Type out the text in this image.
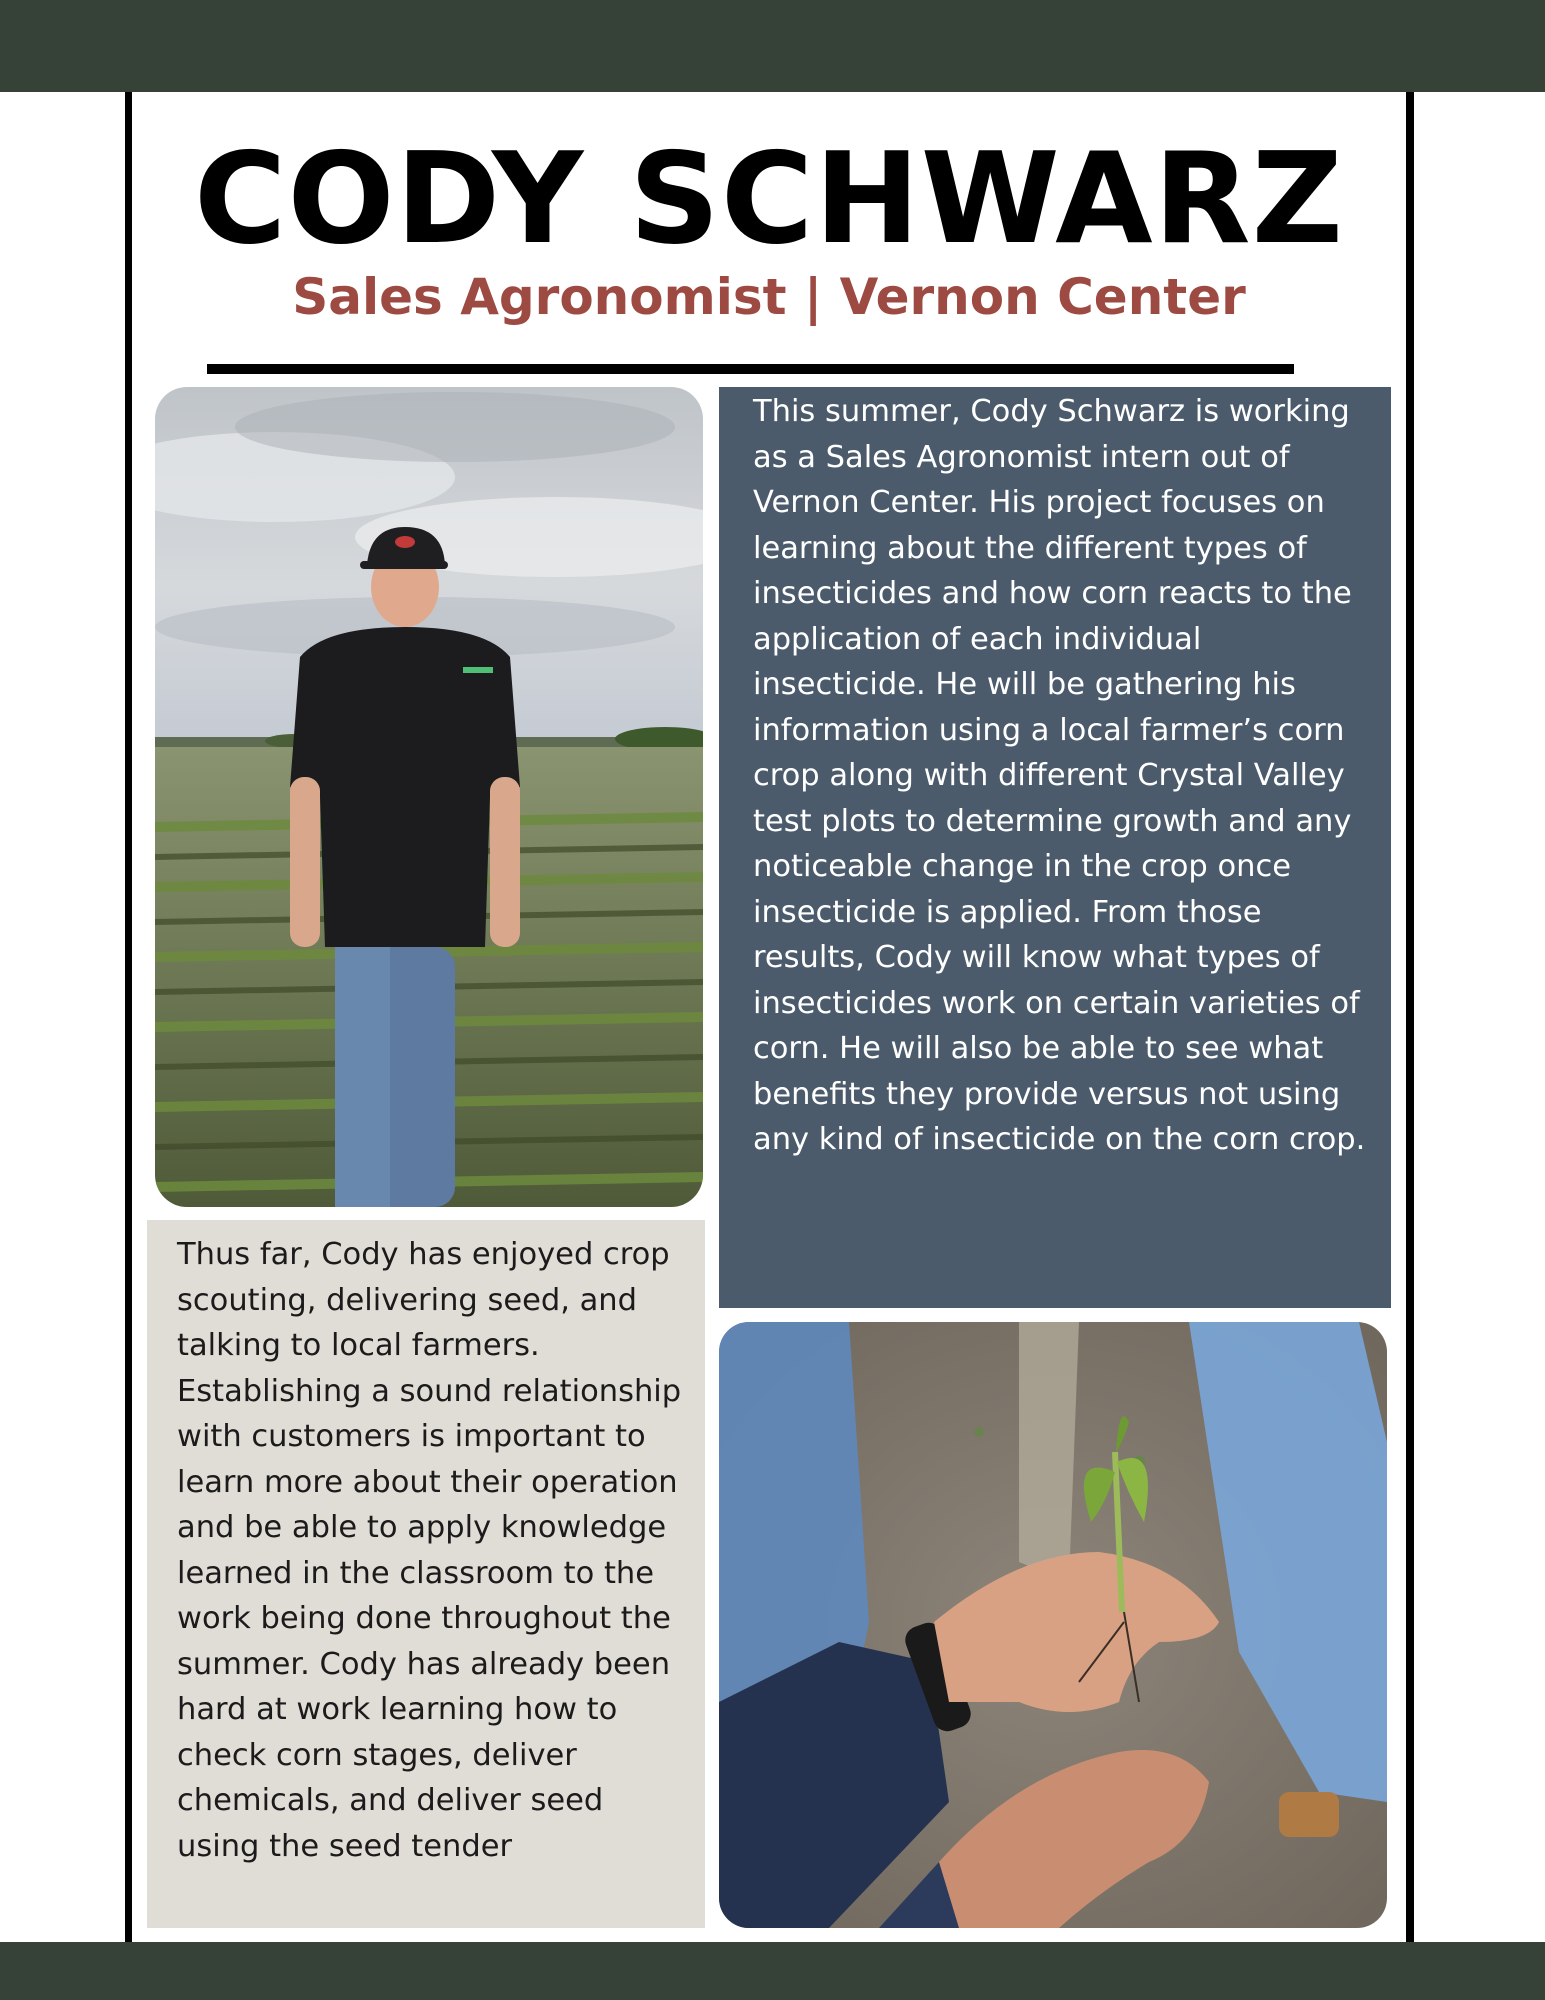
CODY SCHWARZ
Sales Agronomist | Vernon Center

This summer, Cody Schwarz is working as a Sales Agronomist intern out of Vernon Center. His project focuses on learning about the different types of insecticides and how corn reacts to the application of each individual insecticide. He will be gathering his information using a local farmer’s corn crop along with different Crystal Valley test plots to determine growth and any noticeable change in the crop once insecticide is applied. From those results, Cody will know what types of insecticides work on certain varieties of corn. He will also be able to see what benefits they provide versus not using any kind of insecticide on the corn crop.

Thus far, Cody has enjoyed crop scouting, delivering seed, and talking to local farmers. Establishing a sound relationship with customers is important to learn more about their operation and be able to apply knowledge learned in the classroom to the work being done throughout the summer. Cody has already been hard at work learning how to check corn stages, deliver chemicals, and deliver seed using the seed tender
